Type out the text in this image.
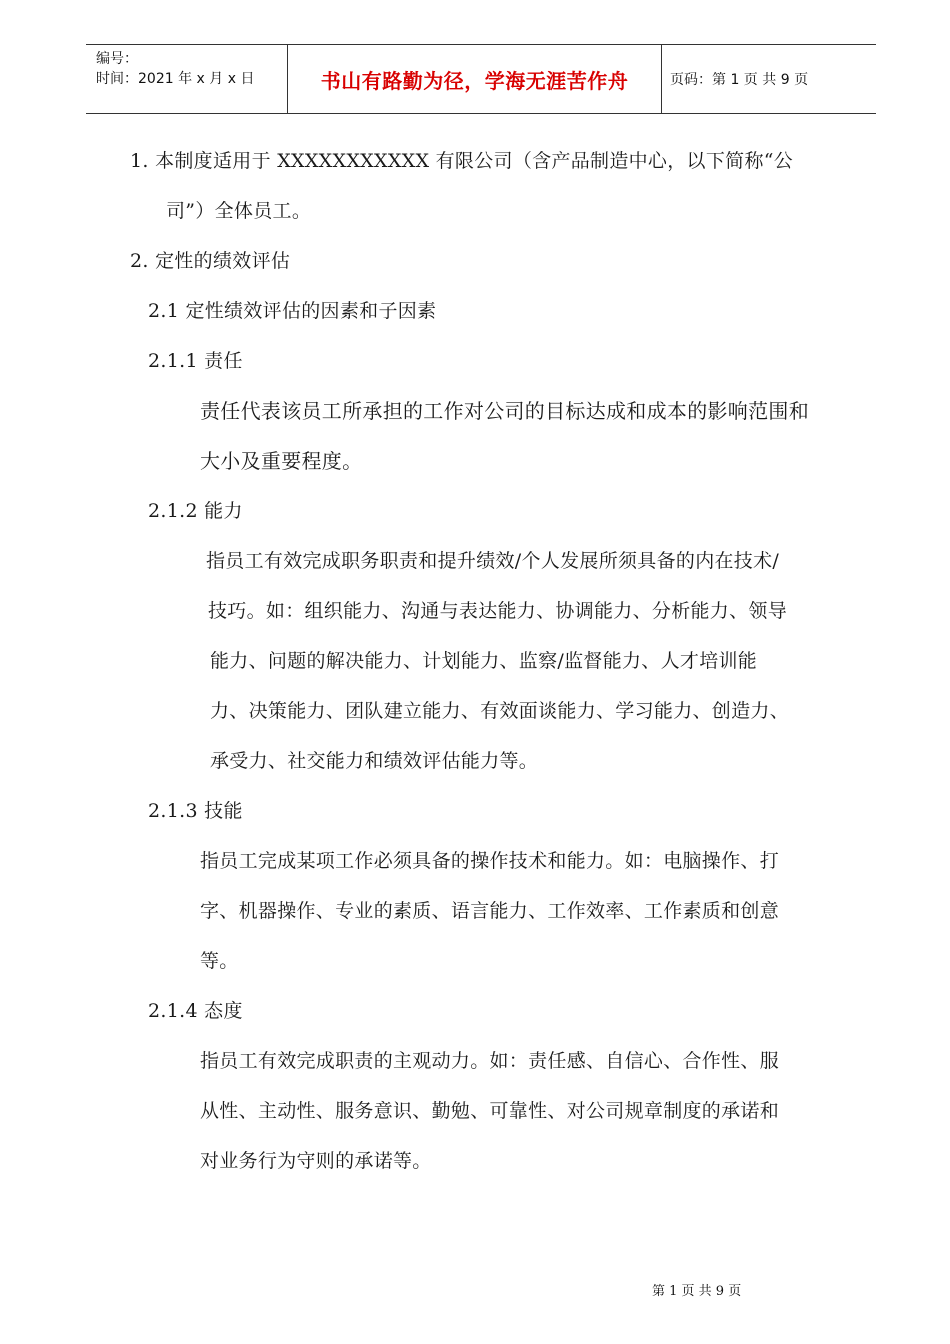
编号：
时间：2021 年 x 月 x 日	书山有路勤为径，学海无涯苦作舟	页码：第 1 页 共 9 页
1. 本制度适用于 XXXXXXXXXXX 有限公司（含产品制造中心，以下简称“公
司”）全体员工。
2. 定性的绩效评估
2.1 定性绩效评估的因素和子因素
2.1.1 责任
责任代表该员工所承担的工作对公司的目标达成和成本的影响范围和
大小及重要程度。
2.1.2 能力
指员工有效完成职务职责和提升绩效/个人发展所须具备的内在技术/
技巧。如：组织能力、沟通与表达能力、协调能力、分析能力、领导
能力、问题的解决能力、计划能力、监察/监督能力、人才培训能
力、决策能力、团队建立能力、有效面谈能力、学习能力、创造力、
承受力、社交能力和绩效评估能力等。
2.1.3 技能
指员工完成某项工作必须具备的操作技术和能力。如：电脑操作、打
字、机器操作、专业的素质、语言能力、工作效率、工作素质和创意
等。
2.1.4 态度
指员工有效完成职责的主观动力。如：责任感、自信心、合作性、服
从性、主动性、服务意识、勤勉、可靠性、对公司规章制度的承诺和
对业务行为守则的承诺等。
第 1 页 共 9 页
